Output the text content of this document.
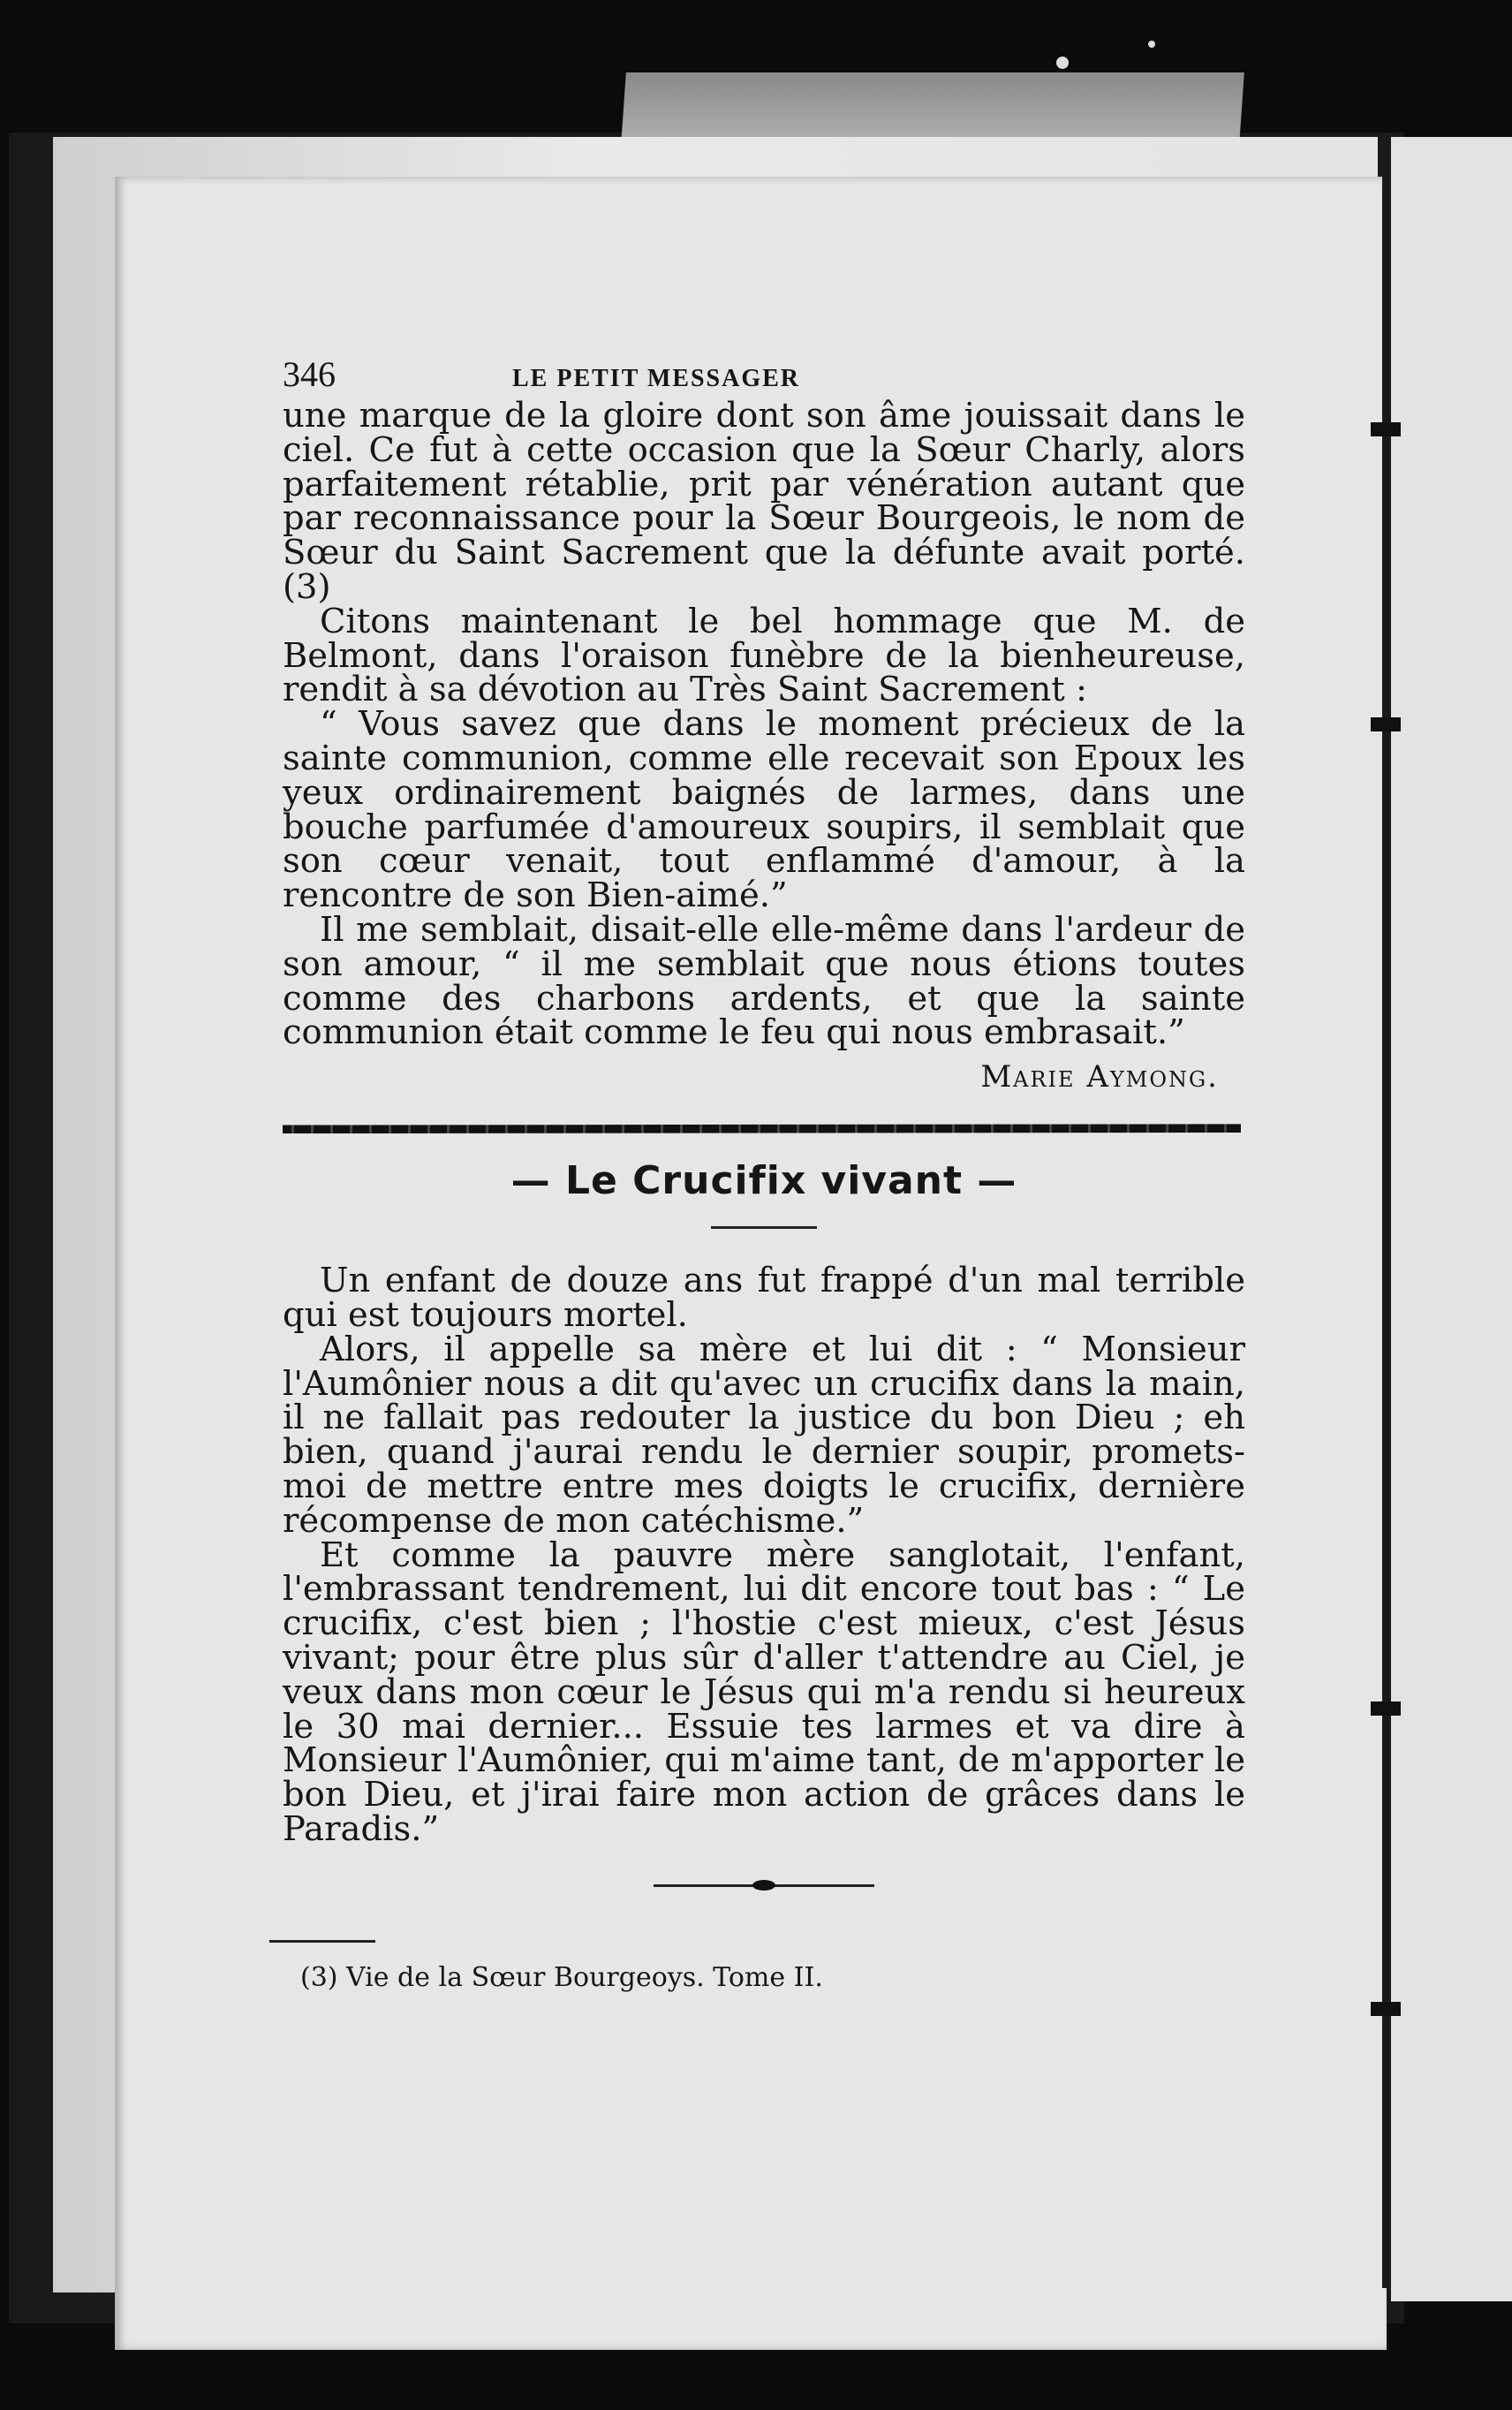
346	LE PETIT MESSAGER

une marque de la gloire dont son âme jouissait dans le ciel. Ce fut à cette occasion que la Sœur Charly, alors parfaitement rétablie, prit par vénération autant que par reconnaissance pour la Sœur Bourgeois, le nom de Sœur du Saint Sacrement que la défunte avait porté. (3)

Citons maintenant le bel hommage que M. de Belmont, dans l'oraison funèbre de la bienheureuse, rendit à sa dévotion au Très Saint Sacrement :

“ Vous savez que dans le moment précieux de la sainte communion, comme elle recevait son Epoux les yeux ordinairement baignés de larmes, dans une bouche parfumée d'amoureux soupirs, il semblait que son cœur venait, tout enflammé d'amour, à la rencontre de son Bien-aimé.”

Il me semblait, disait-elle elle-même dans l'ardeur de son amour, “ il me semblait que nous étions toutes comme des charbons ardents, et que la sainte communion était comme le feu qui nous embrasait.”

Marie Aymong.
— Le Crucifix vivant —

Un enfant de douze ans fut frappé d'un mal terrible qui est toujours mortel.

Alors, il appelle sa mère et lui dit : “ Monsieur l'Aumônier nous a dit qu'avec un crucifix dans la main, il ne fallait pas redouter la justice du bon Dieu ; eh bien, quand j'aurai rendu le dernier soupir, promets-moi de mettre entre mes doigts le crucifix, dernière récompense de mon catéchisme.”

Et comme la pauvre mère sanglotait, l'enfant, l'embrassant tendrement, lui dit encore tout bas : “ Le crucifix, c'est bien ; l'hostie c'est mieux, c'est Jésus vivant; pour être plus sûr d'aller t'attendre au Ciel, je veux dans mon cœur le Jésus qui m'a rendu si heureux le 30 mai dernier... Essuie tes larmes et va dire à Monsieur l'Aumônier, qui m'aime tant, de m'apporter le bon Dieu, et j'irai faire mon action de grâces dans le Paradis.”

(3) Vie de la Sœur Bourgeoys. Tome II.
